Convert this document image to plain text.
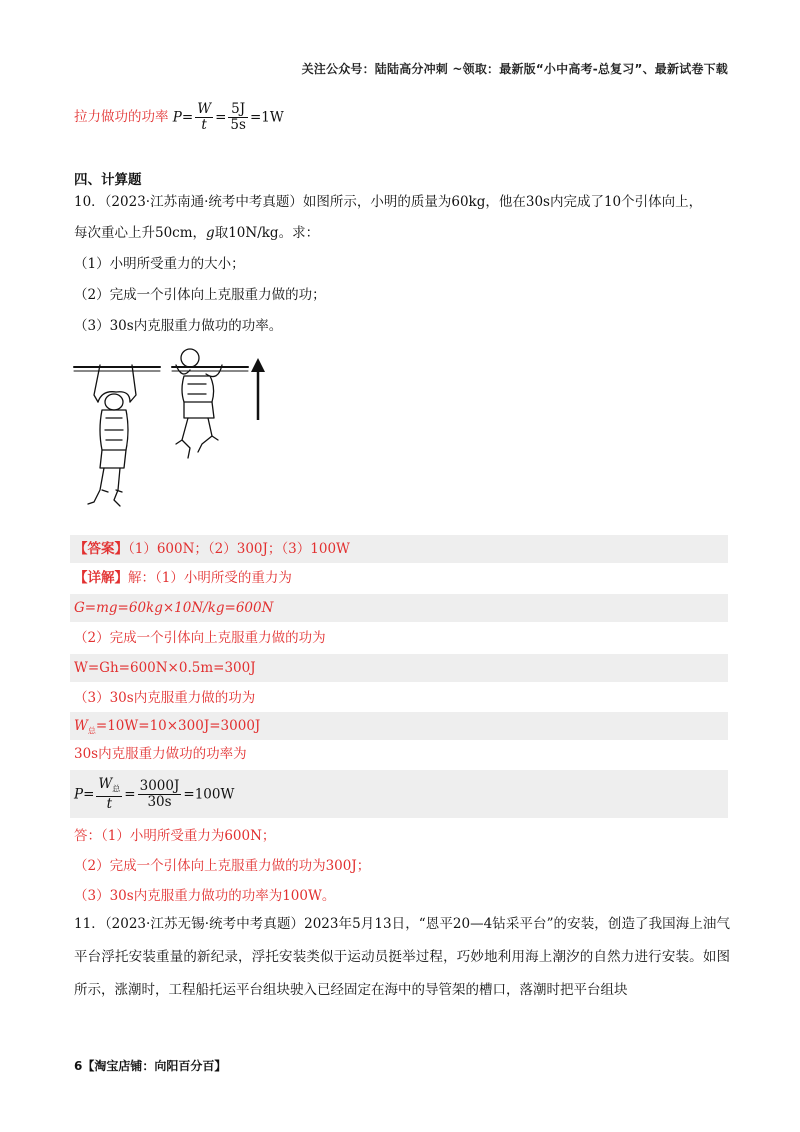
关注公众号：陆陆高分冲刺 ~领取：最新版“小中高考-总复习”、最新试卷下载
拉力做功的功率 $P= \frac{W}{t} = \frac{5J}{5s} =1W$
四、计算题
10．（2023·江苏南通·统考中考真题）如图所示，小明的质量为60kg，他在30s内完成了10个引体向上，
每次重心上升50cm，g取10N/kg。求：
（1）小明所受重力的大小；
（2）完成一个引体向上克服重力做的功；
（3）30s内克服重力做功的功率。
【答案】（1）600N；（2）300J；（3）100W
【详解】解：（1）小明所受的重力为
G=mg=60kg×10N/kg=600N
（2）完成一个引体向上克服重力做的功为
W=Gh=600N×0.5m=300J
（3）30s内克服重力做的功为
$W_总=10W=10\times 300J=3000J$
30s内克服重力做功的功率为
$P= \frac{W_总}{t} = \frac{3000J}{30s} =100W$
答：（1）小明所受重力为600N；
（2）完成一个引体向上克服重力做的功为300J；
（3）30s内克服重力做功的功率为100W。
11．（2023·江苏无锡·统考中考真题）2023年5月13日，“恩平20—4钻采平台”的安装，创造了我国海上油气平台浮托安装重量的新纪录，浮托安装类似于运动员挺举过程，巧妙地利用海上潮汐的自然力进行安装。如图所示，涨潮时，工程船托运平台组块驶入已经固定在海中的导管架的槽口，落潮时把平台组块
6【淘宝店铺：向阳百分百】
